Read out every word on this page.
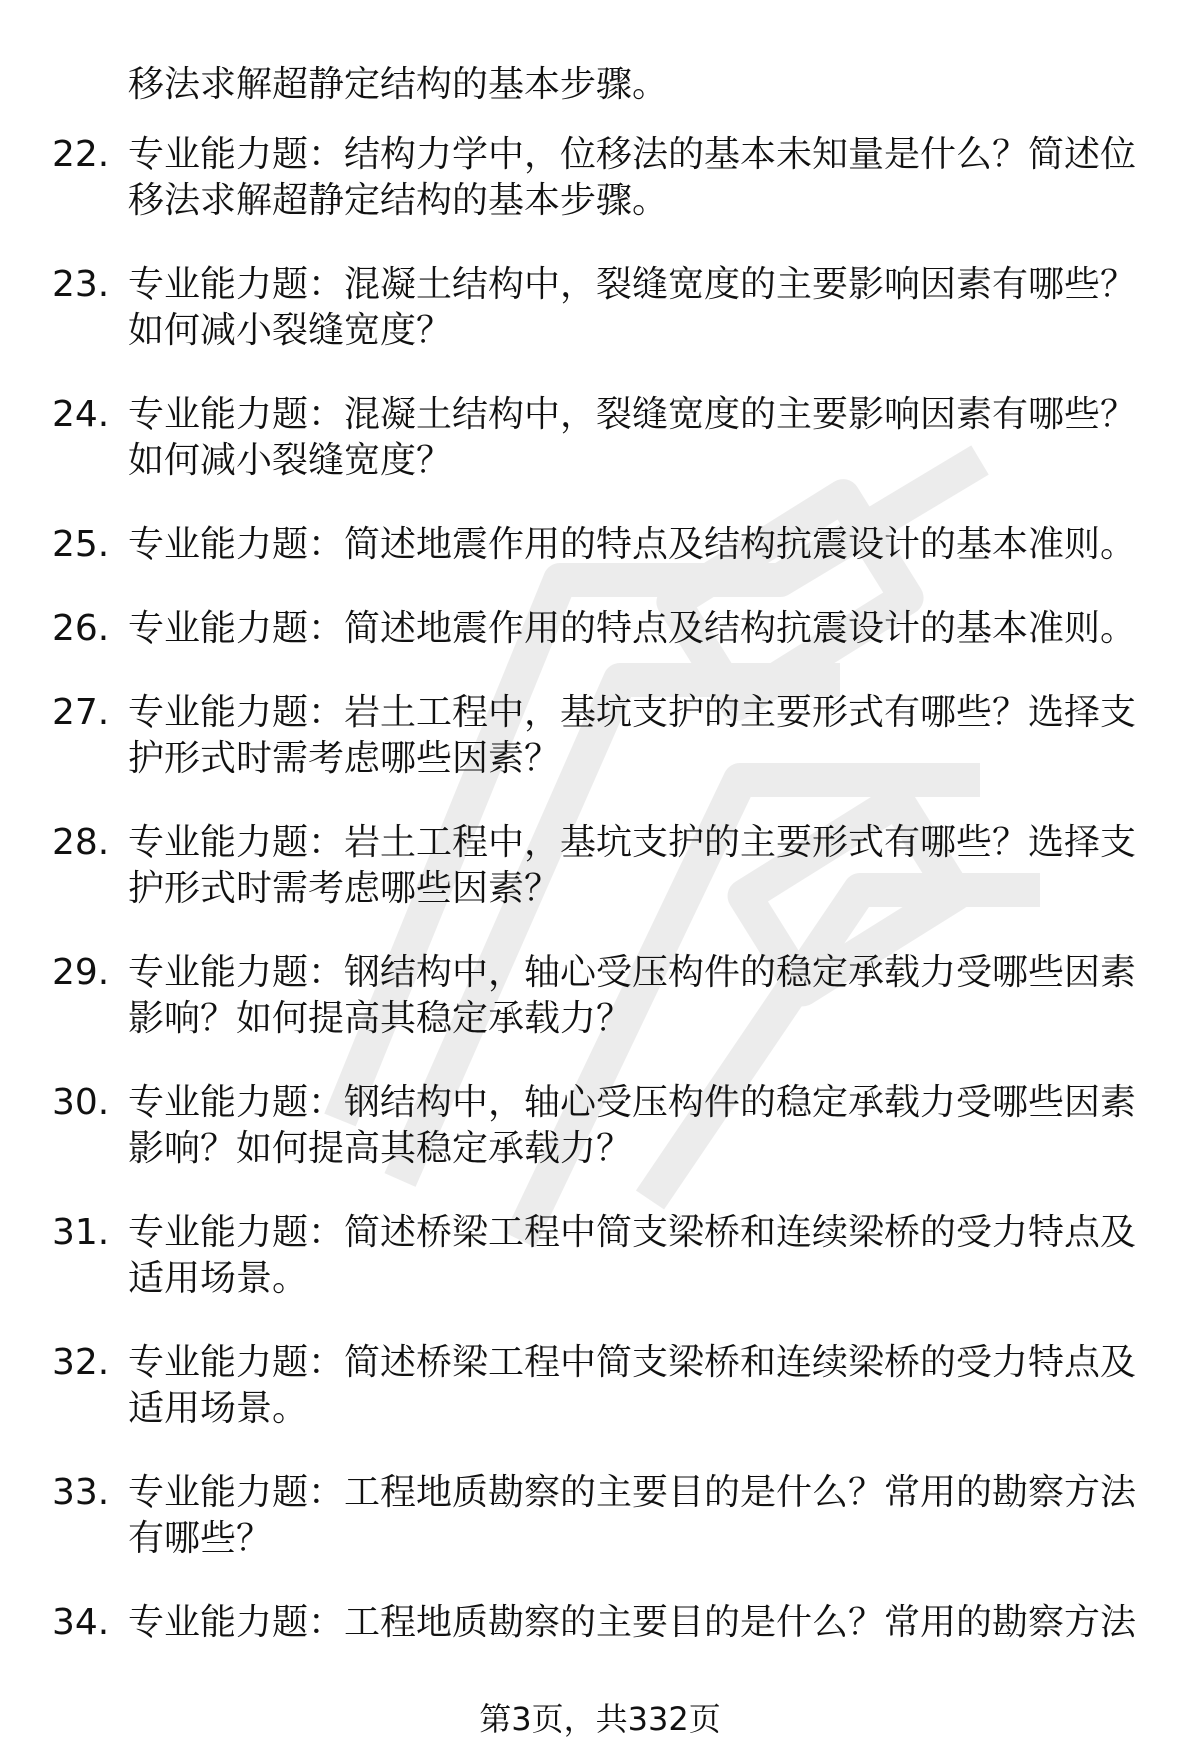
移法求解超静定结构的基本步骤。
22. 专业能力题：结构力学中，位移法的基本未知量是什么？简述位
移法求解超静定结构的基本步骤。
23. 专业能力题：混凝土结构中，裂缝宽度的主要影响因素有哪些？
如何减小裂缝宽度？
24. 专业能力题：混凝土结构中，裂缝宽度的主要影响因素有哪些？
如何减小裂缝宽度？
25. 专业能力题：简述地震作用的特点及结构抗震设计的基本准则。
26. 专业能力题：简述地震作用的特点及结构抗震设计的基本准则。
27. 专业能力题：岩土工程中，基坑支护的主要形式有哪些？选择支
护形式时需考虑哪些因素？
28. 专业能力题：岩土工程中，基坑支护的主要形式有哪些？选择支
护形式时需考虑哪些因素？
29. 专业能力题：钢结构中，轴心受压构件的稳定承载力受哪些因素
影响？如何提高其稳定承载力？
30. 专业能力题：钢结构中，轴心受压构件的稳定承载力受哪些因素
影响？如何提高其稳定承载力？
31. 专业能力题：简述桥梁工程中简支梁桥和连续梁桥的受力特点及
适用场景。
32. 专业能力题：简述桥梁工程中简支梁桥和连续梁桥的受力特点及
适用场景。
33. 专业能力题：工程地质勘察的主要目的是什么？常用的勘察方法
有哪些？
34. 专业能力题：工程地质勘察的主要目的是什么？常用的勘察方法
第3页，共332页
